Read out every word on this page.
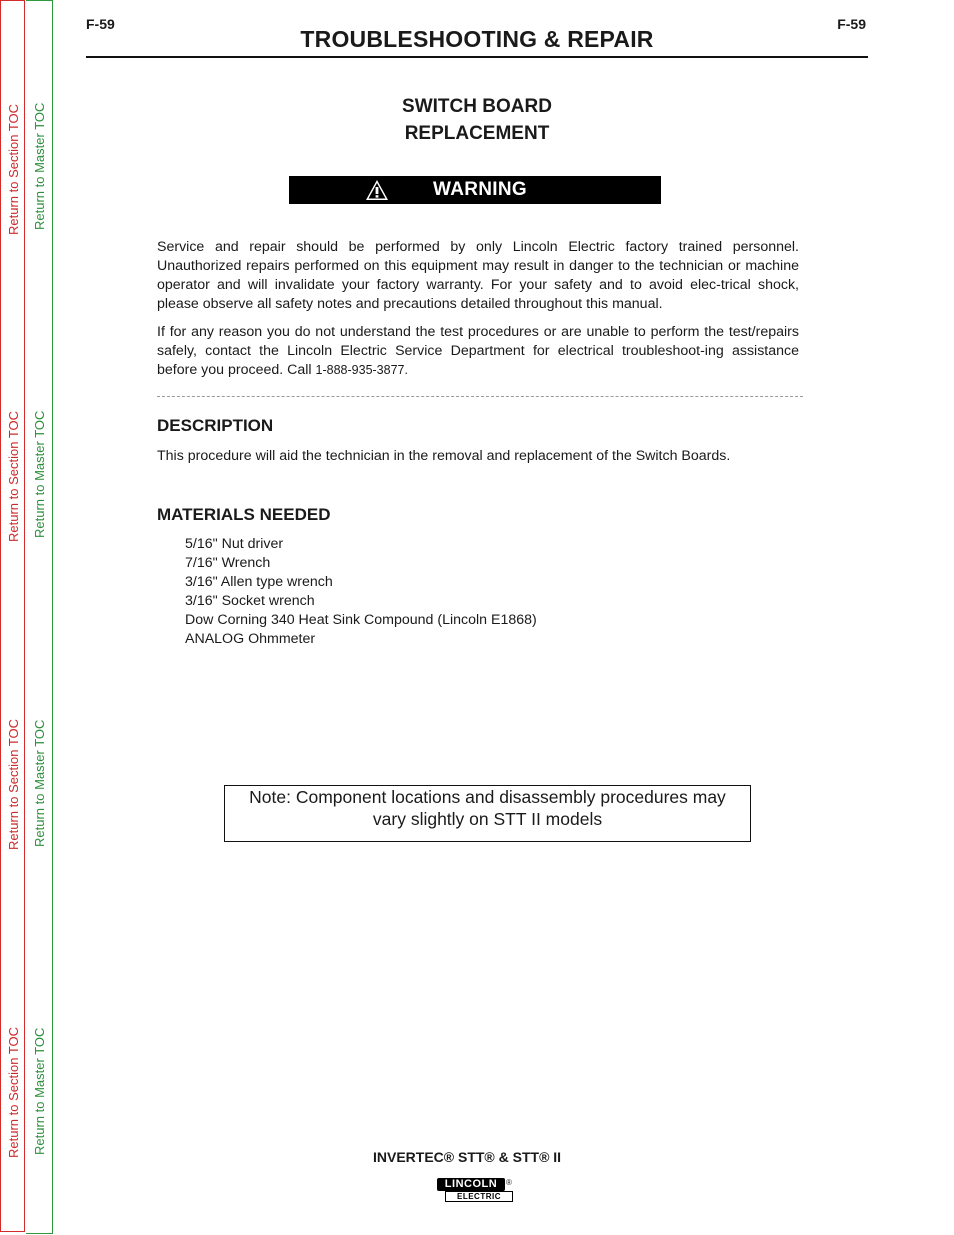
Return to Section TOC Return to Master TOC
Return to Section TOC Return to Master TOC
Return to Section TOC Return to Master TOC
Return to Section TOC Return to Master TOC
F-59	F-59
TROUBLESHOOTING & REPAIR
SWITCH BOARD
REPLACEMENT
WARNING

Service and repair should be performed by only Lincoln Electric factory trained personnel. Unauthorized repairs performed on this equipment may result in danger to the technician or machine operator and will invalidate your factory warranty. For your safety and to avoid elec-trical shock, please observe all safety notes and precautions detailed throughout this manual.

If for any reason you do not understand the test procedures or are unable to perform the test/repairs safely, contact the Lincoln Electric Service Department for electrical troubleshoot-ing assistance before you proceed. Call 1-888-935-3877.

DESCRIPTION
This procedure will aid the technician in the removal and replacement of the Switch Boards.
MATERIALS NEEDED
5/16" Nut driver
7/16" Wrench
3/16" Allen type wrench
3/16" Socket wrench
Dow Corning 340 Heat Sink Compound (Lincoln E1868)
ANALOG Ohmmeter
Note: Component locations and disassembly procedures may
vary slightly on STT II models
INVERTEC® STT® & STT® II
LINCOLN
ELECTRIC
®
